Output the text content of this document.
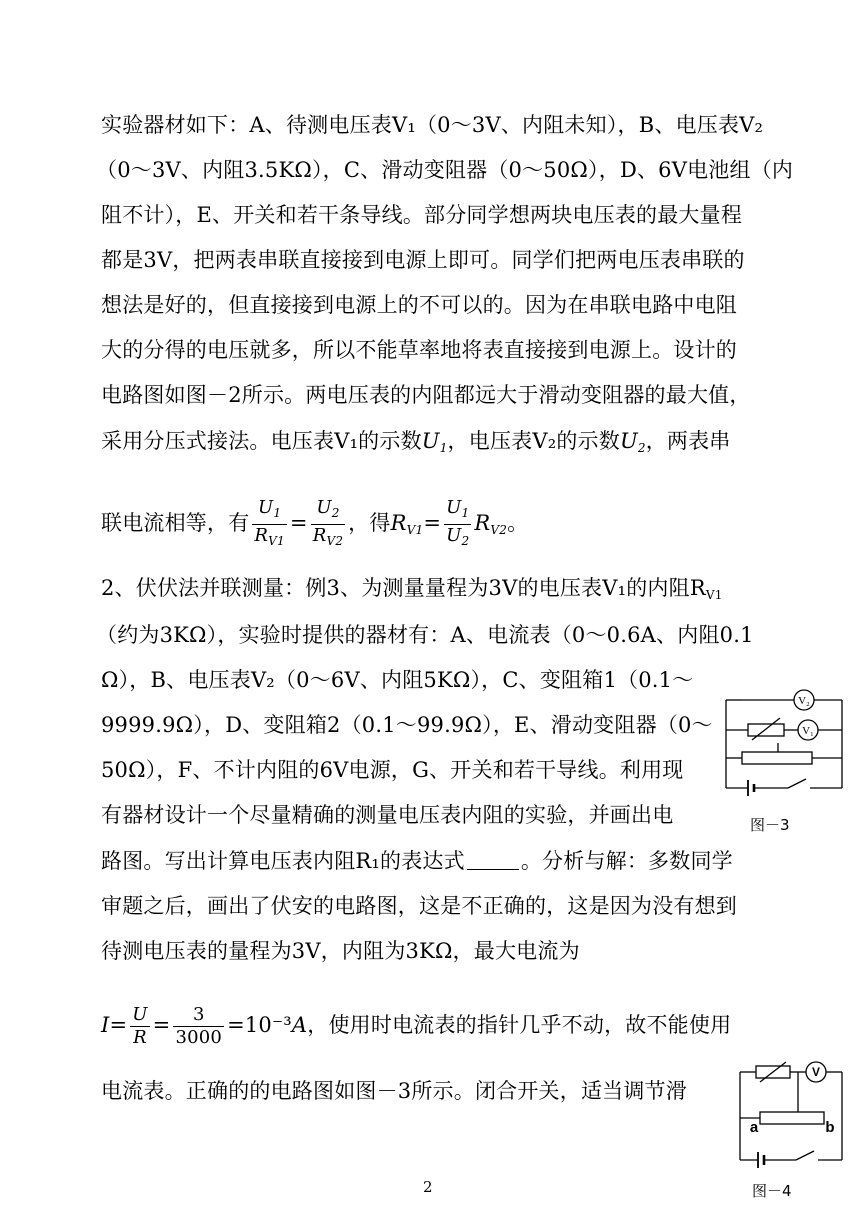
实验器材如下：A、待测电压表V₁（0～3V、内阻未知），B、电压表V₂
（0～3V、内阻3.5KΩ），C、滑动变阻器（0～50Ω），D、6V电池组（内
阻不计），E、开关和若干条导线。部分同学想两块电压表的最大量程
都是3V，把两表串联直接接到电源上即可。同学们把两电压表串联的
想法是好的，但直接接到电源上的不可以的。因为在串联电路中电阻
大的分得的电压就多，所以不能草率地将表直接接到电源上。设计的
电路图如图－2所示。两电压表的内阻都远大于滑动变阻器的最大值，
采用分压式接法。电压表V₁的示数$U_1$，电压表V₂的示数$U_2$，两表串
联电流相等，有 $\frac{U_1}{R_{V1}} = \frac{U_2}{R_{V2}}$ ，得$R_{V1}= \frac{U_1}{U_2} R_{V2}$。
2、伏伏法并联测量：例3、为测量量程为3V的电压表V₁的内阻$R_{V1}$
（约为3KΩ），实验时提供的器材有：A、电流表（0～0.6A、内阻0.1
Ω），B、电压表V₂（0～6V、内阻5KΩ），C、变阻箱1（0.1～
9999.9Ω），D、变阻箱2（0.1～99.9Ω），E、滑动变阻器（0～
50Ω），F、不计内阻的6V电源，G、开关和若干导线。利用现
有器材设计一个尽量精确的测量电压表内阻的实验，并画出电
路图。写出计算电压表内阻R₁的表达式	。分析与解：多数同学
审题之后，画出了伏安的电路图，这是不正确的，这是因为没有想到
待测电压表的量程为3V，内阻为3KΩ，最大电流为
$I= \frac{U}{R} = \frac{3}{3000} =10^{-3}A$，使用时电流表的指针几乎不动，故不能使用
电流表。正确的的电路图如图－3所示。闭合开关，适当调节滑
V₂
V₁
图－3
V
a	b
图－4
2
